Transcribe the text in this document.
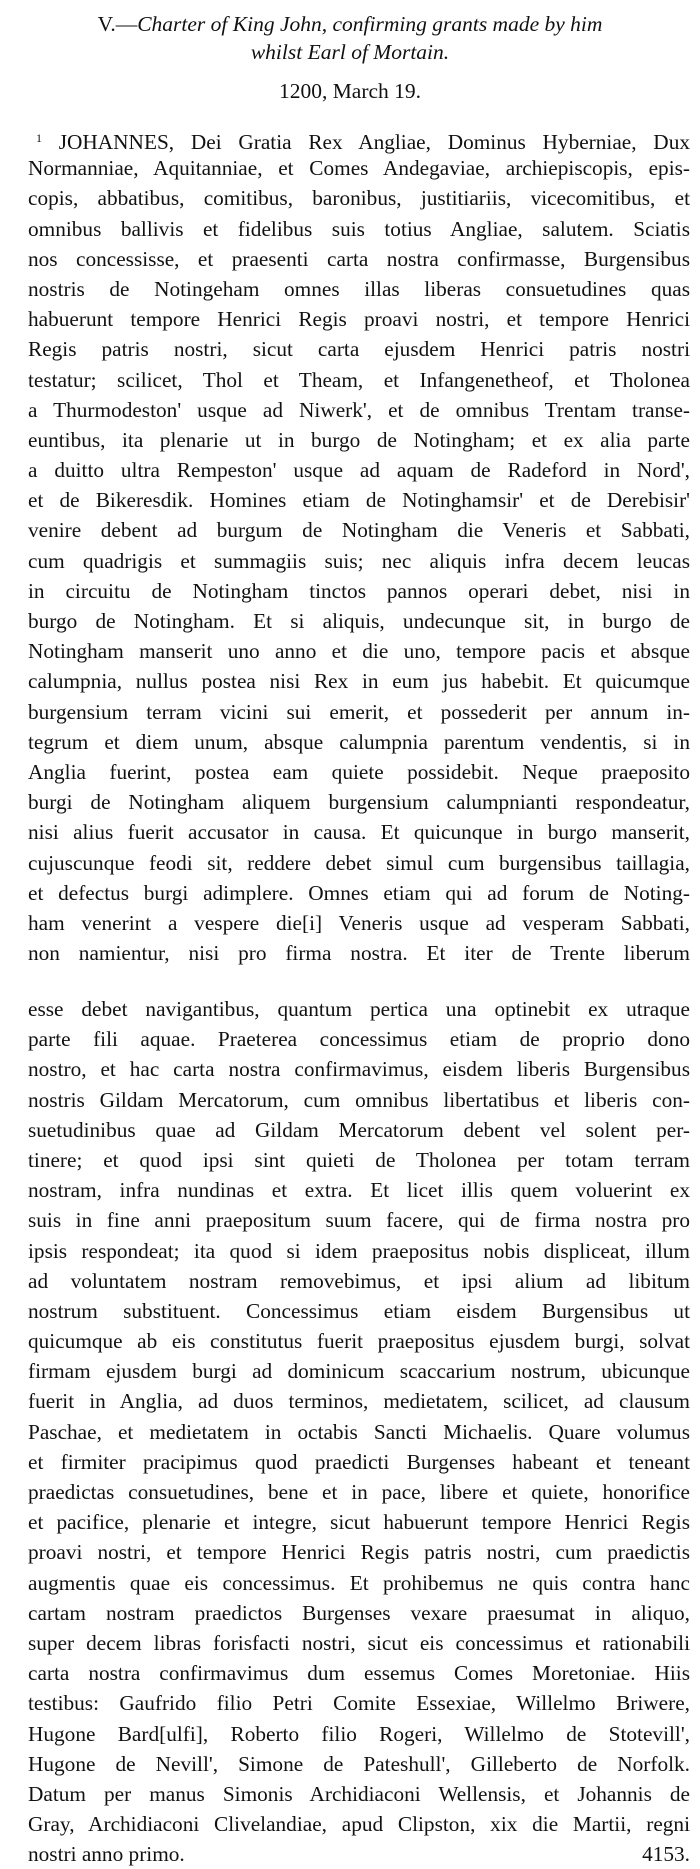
V.—Charter of King John, confirming grants made by him
whilst Earl of Mortain.
1200, March 19.
$^1$ JOHANNES, Dei Gratia Rex Angliae, Dominus Hyberniae, Dux
Normanniae, Aquitanniae, et Comes Andegaviae, archiepiscopis, epis-
copis, abbatibus, comitibus, baronibus, justitiariis, vicecomitibus, et
omnibus ballivis et fidelibus suis totius Angliae, salutem. Sciatis
nos concessisse, et praesenti carta nostra confirmasse, Burgensibus
nostris de Notingeham omnes illas liberas consuetudines quas
habuerunt tempore Henrici Regis proavi nostri, et tempore Henrici
Regis patris nostri, sicut carta ejusdem Henrici patris nostri
testatur; scilicet, Thol et Theam, et Infangenetheof, et Tholonea
a Thurmodeston' usque ad Niwerk', et de omnibus Trentam transe-
euntibus, ita plenarie ut in burgo de Notingham; et ex alia parte
a duitto ultra Rempeston' usque ad aquam de Radeford in Nord',
et de Bikeresdik. Homines etiam de Notinghamsir' et de Derebisir'
venire debent ad burgum de Notingham die Veneris et Sabbati,
cum quadrigis et summagiis suis; nec aliquis infra decem leucas
in circuitu de Notingham tinctos pannos operari debet, nisi in
burgo de Notingham. Et si aliquis, undecunque sit, in burgo de
Notingham manserit uno anno et die uno, tempore pacis et absque
calumpnia, nullus postea nisi Rex in eum jus habebit. Et quicumque
burgensium terram vicini sui emerit, et possederit per annum in-
tegrum et diem unum, absque calumpnia parentum vendentis, si in
Anglia fuerint, postea eam quiete possidebit. Neque praeposito
burgi de Notingham aliquem burgensium calumpnianti respondeatur,
nisi alius fuerit accusator in causa. Et quicunque in burgo manserit,
cujuscunque feodi sit, reddere debet simul cum burgensibus taillagia,
et defectus burgi adimplere. Omnes etiam qui ad forum de Noting-
ham venerint a vespere die[i] Veneris usque ad vesperam Sabbati,
non namientur, nisi pro firma nostra. Et iter de Trente liberum
esse debet navigantibus, quantum pertica una optinebit ex utraque
parte fili aquae. Praeterea concessimus etiam de proprio dono
nostro, et hac carta nostra confirmavimus, eisdem liberis Burgensibus
nostris Gildam Mercatorum, cum omnibus libertatibus et liberis con-
suetudinibus quae ad Gildam Mercatorum debent vel solent per-
tinere; et quod ipsi sint quieti de Tholonea per totam terram
nostram, infra nundinas et extra. Et licet illis quem voluerint ex
suis in fine anni praepositum suum facere, qui de firma nostra pro
ipsis respondeat; ita quod si idem praepositus nobis displiceat, illum
ad voluntatem nostram removebimus, et ipsi alium ad libitum
nostrum substituent. Concessimus etiam eisdem Burgensibus ut
quicumque ab eis constitutus fuerit praepositus ejusdem burgi, solvat
firmam ejusdem burgi ad dominicum scaccarium nostrum, ubicunque
fuerit in Anglia, ad duos terminos, medietatem, scilicet, ad clausum
Paschae, et medietatem in octabis Sancti Michaelis. Quare volumus
et firmiter pracipimus quod praedicti Burgenses habeant et teneant
praedictas consuetudines, bene et in pace, libere et quiete, honorifice
et pacifice, plenarie et integre, sicut habuerunt tempore Henrici Regis
proavi nostri, et tempore Henrici Regis patris nostri, cum praedictis
augmentis quae eis concessimus. Et prohibemus ne quis contra hanc
cartam nostram praedictos Burgenses vexare praesumat in aliquo,
super decem libras forisfacti nostri, sicut eis concessimus et rationabili
carta nostra confirmavimus dum essemus Comes Moretoniae. Hiis
testibus: Gaufrido filio Petri Comite Essexiae, Willelmo Briwere,
Hugone Bard[ulfi], Roberto filio Rogeri, Willelmo de Stotevill',
Hugone de Nevill', Simone de Pateshull', Gilleberto de Norfolk.
Datum per manus Simonis Archidiaconi Wellensis, et Johannis de
Gray, Archidiaconi Clivelandiae, apud Clipston, xix die Martii, regni
nostri anno primo.	4153.
